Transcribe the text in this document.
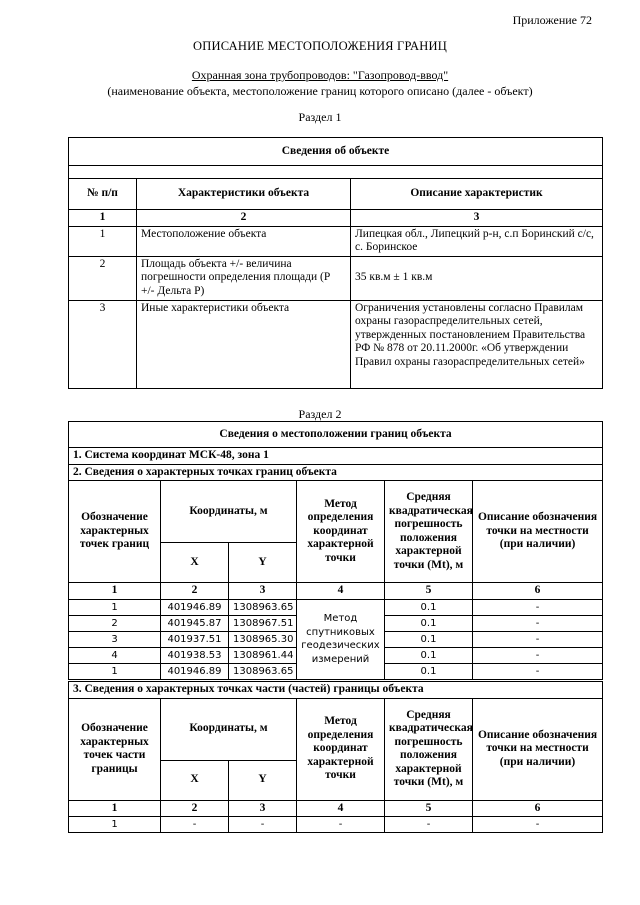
Приложение 72
ОПИСАНИЕ МЕСТОПОЛОЖЕНИЯ ГРАНИЦ
Охранная зона трубопроводов: "Газопровод-ввод"
(наименование объекта, местоположение границ которого описано (далее - объект)
Раздел 1
Сведения об объекте		

№ п/п	Характеристики объекта	Описание характеристик
1	2	3
1	Местоположение объекта	Липецкая обл., Липецкий р-н, с.п Боринский с/с, с. Боринское
2	Площадь объекта +/- величина погрешности определения площади (Р +/- Дельта Р)	35 кв.м ± 1 кв.м
3	Иные характеристики объекта	Ограничения установлены согласно Правилам охраны газораспределительных сетей, утвержденных постановлением Правительства РФ № 878 от 20.11.2000г. «Об утверждении Правил охраны газораспределительных сетей»
Раздел 2
Сведения о местоположении границ объекта					
1. Система координат МСК-48, зона 1					
2. Сведения о характерных точках границ объекта					
Обозначение характерных точек границ	Координаты, м		Метод определения координат характерной точки	Средняя квадратическая погрешность положения характерной точки (Mt), м	Описание обозначения точки на местности (при наличии)
	X	Y			
1	2	3	4	5	6
1	401946.89	1308963.65	Метод спутниковых геодезических измерений	0.1	-
2	401945.87	1308967.51		0.1	-
3	401937.51	1308965.30		0.1	-
4	401938.53	1308961.44		0.1	-
1	401946.89	1308963.65		0.1	-
3. Сведения о характерных точках части (частей) границы объекта					
Обозначение характерных точек части границы	Координаты, м		Метод определения координат характерной точки	Средняя квадратическая погрешность положения характерной точки (Mt), м	Описание обозначения точки на местности (при наличии)
	X	Y			
1	2	3	4	5	6
1	-	-	-	-	-
